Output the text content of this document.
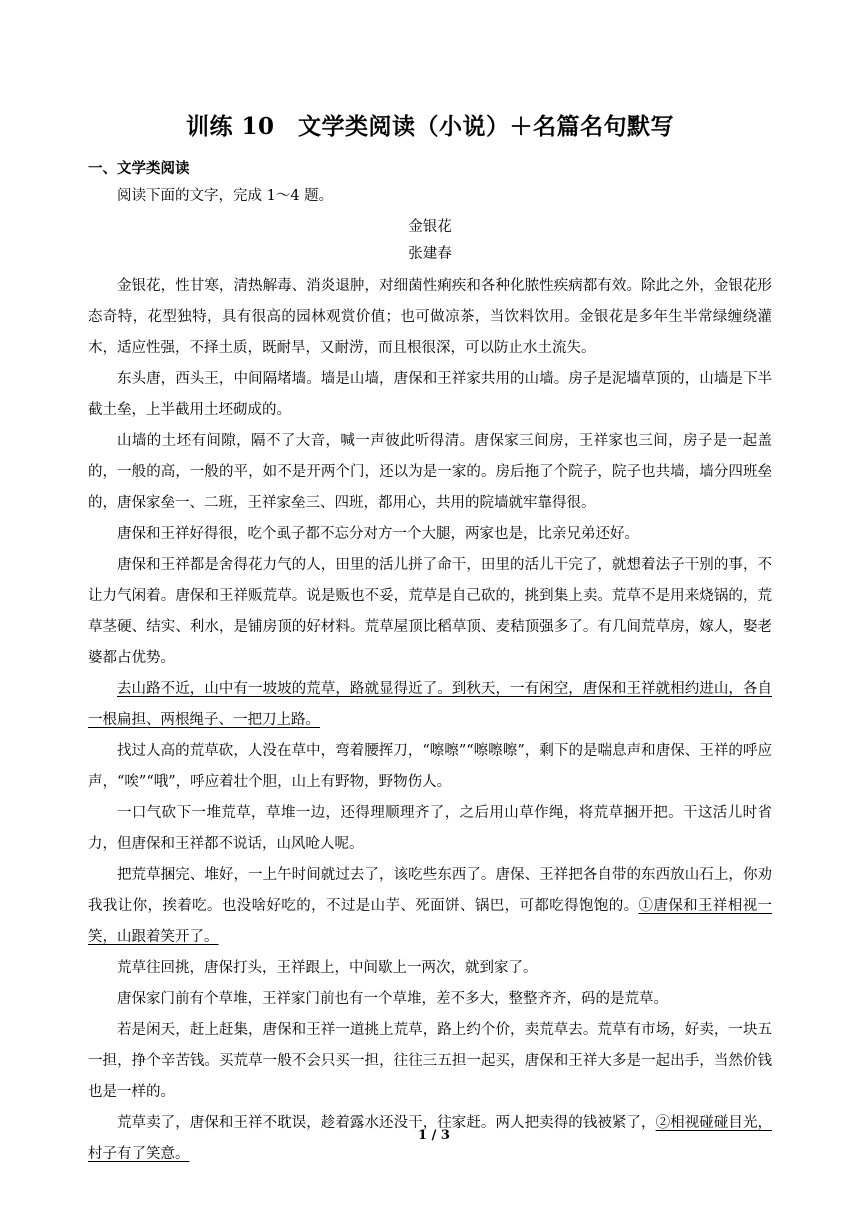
训练 10　文学类阅读（小说）＋名篇名句默写
一、文学类阅读
阅读下面的文字，完成 1～4 题。
金银花
张建春

金银花，性甘寒，清热解毒、消炎退肿，对细菌性痢疾和各种化脓性疾病都有效。除此之外，金银花形态奇特，花型独特，具有很高的园林观赏价值；也可做凉茶，当饮料饮用。金银花是多年生半常绿缠绕灌木，适应性强，不择土质，既耐旱，又耐涝，而且根很深，可以防止水土流失。

东头唐，西头王，中间隔堵墙。墙是山墙，唐保和王祥家共用的山墙。房子是泥墙草顶的，山墙是下半截土垒，上半截用土坯砌成的。

山墙的土坯有间隙，隔不了大音，喊一声彼此听得清。唐保家三间房，王祥家也三间，房子是一起盖的，一般的高，一般的平，如不是开两个门，还以为是一家的。房后拖了个院子，院子也共墙，墙分四班垒的，唐保家垒一、二班，王祥家垒三、四班，都用心，共用的院墙就牢靠得很。

唐保和王祥好得很，吃个虱子都不忘分对方一个大腿，两家也是，比亲兄弟还好。

唐保和王祥都是舍得花力气的人，田里的活儿拼了命干，田里的活儿干完了，就想着法子干别的事，不让力气闲着。唐保和王祥贩荒草。说是贩也不妥，荒草是自己砍的，挑到集上卖。荒草不是用来烧锅的，荒草茎硬、结实、利水，是铺房顶的好材料。荒草屋顶比稻草顶、麦秸顶强多了。有几间荒草房，嫁人，娶老婆都占优势。

去山路不近，山中有一坡坡的荒草，路就显得近了。到秋天，一有闲空，唐保和王祥就相约进山，各自一根扁担、两根绳子、一把刀上路。

找过人高的荒草砍，人没在草中，弯着腰挥刀，“嚓嚓”“嚓嚓嚓”，剩下的是喘息声和唐保、王祥的呼应声，“唉”“哦”，呼应着壮个胆，山上有野物，野物伤人。

一口气砍下一堆荒草，草堆一边，还得理顺理齐了，之后用山草作绳，将荒草捆开把。干这活儿时省力，但唐保和王祥都不说话，山风呛人呢。

把荒草捆完、堆好，一上午时间就过去了，该吃些东西了。唐保、王祥把各自带的东西放山石上，你劝我我让你，挨着吃。也没啥好吃的，不过是山芋、死面饼、锅巴，可都吃得饱饱的。①唐保和王祥相视一笑，山跟着笑开了。

荒草往回挑，唐保打头，王祥跟上，中间歇上一两次，就到家了。

唐保家门前有个草堆，王祥家门前也有一个草堆，差不多大，整整齐齐，码的是荒草。

若是闲天，赶上赶集，唐保和王祥一道挑上荒草，路上约个价，卖荒草去。荒草有市场，好卖，一块五一担，挣个辛苦钱。买荒草一般不会只买一担，往往三五担一起买，唐保和王祥大多是一起出手，当然价钱也是一样的。

荒草卖了，唐保和王祥不耽误，趁着露水还没干，往家赶。两人把卖得的钱被紧了，②相视碰碰目光，村子有了笑意。

1 / 3
